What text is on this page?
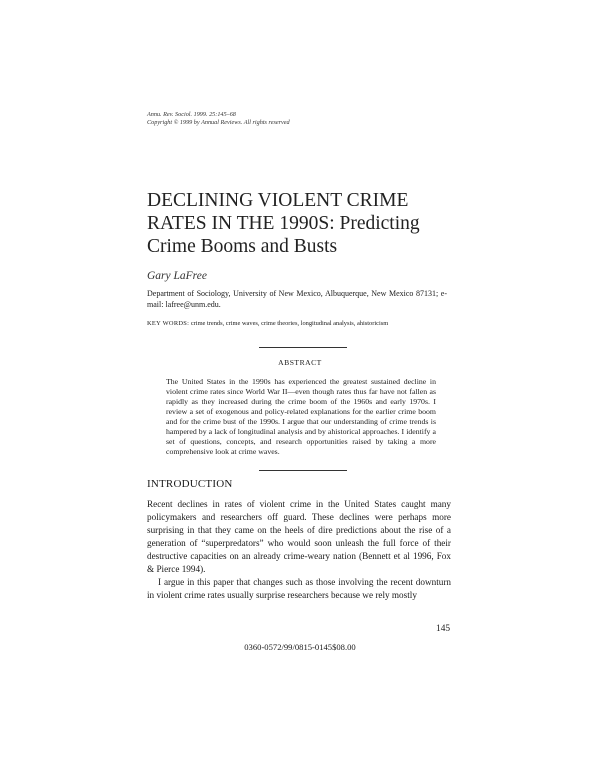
Annu. Rev. Sociol. 1999. 25:145–68
Copyright © 1999 by Annual Reviews. All rights reserved
DECLINING VIOLENT CRIME
RATES IN THE 1990S: Predicting
Crime Booms and Busts
Gary LaFree
Department of Sociology, University of New Mexico, Albuquerque, New Mexico 87131; e-mail: lafree@unm.edu.
KEY WORDS: crime trends, crime waves, crime theories, longitudinal analysis, ahistoricism
ABSTRACT
The United States in the 1990s has experienced the greatest sustained decline in violent crime rates since World War II—even though rates thus far have not fallen as rapidly as they increased during the crime boom of the 1960s and early 1970s. I review a set of exogenous and policy-related explanations for the earlier crime boom and for the crime bust of the 1990s. I argue that our understanding of crime trends is hampered by a lack of longitudinal analysis and by ahistorical approaches. I identify a set of questions, concepts, and research opportunities raised by taking a more comprehensive look at crime waves.
INTRODUCTION

Recent declines in rates of violent crime in the United States caught many policymakers and researchers off guard. These declines were perhaps more surprising in that they came on the heels of dire predictions about the rise of a generation of “superpredators” who would soon unleash the full force of their destructive capacities on an already crime-weary nation (Bennett et al 1996, Fox & Pierce 1994).

I argue in this paper that changes such as those involving the recent downturn in violent crime rates usually surprise researchers because we rely mostly

145
0360-0572/99/0815-0145$08.00
